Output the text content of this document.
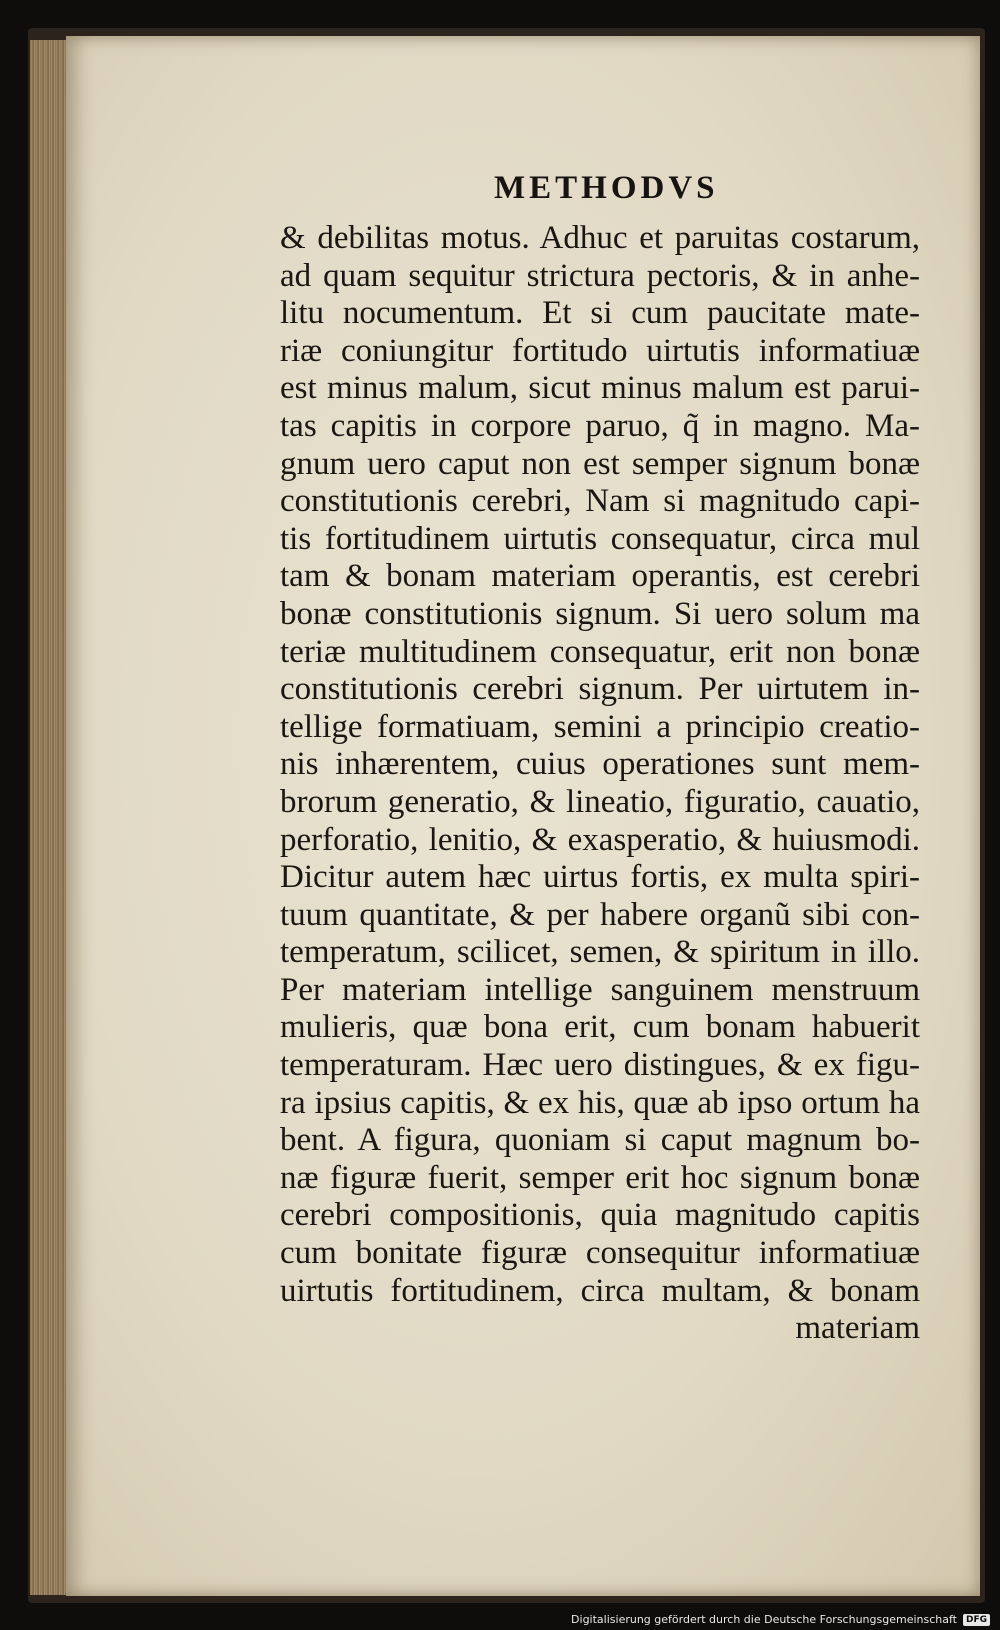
METHODVS
& debilitas motus. Adhuc et paruitas costarum,
ad quam sequitur strictura pectoris, & in anhe-
litu nocumentum. Et si cum paucitate mate-
riæ coniungitur fortitudo uirtutis informatiuæ
est minus malum, sicut minus malum est parui-
tas capitis in corpore paruo, q̃ in magno. Ma-
gnum uero caput non est semper signum bonæ
constitutionis cerebri, Nam si magnitudo capi-
tis fortitudinem uirtutis consequatur, circa mul
tam & bonam materiam operantis, est cerebri
bonæ constitutionis signum. Si uero solum ma
teriæ multitudinem consequatur, erit non bonæ
constitutionis cerebri signum. Per uirtutem in-
tellige formatiuam, semini a principio creatio-
nis inhærentem, cuius operationes sunt mem-
brorum generatio, & lineatio, figuratio, cauatio,
perforatio, lenitio, & exasperatio, & huiusmodi.
Dicitur autem hæc uirtus fortis, ex multa spiri-
tuum quantitate, & per habere organũ sibi con-
temperatum, scilicet, semen, & spiritum in illo.
Per materiam intellige sanguinem menstruum
mulieris, quæ bona erit, cum bonam habuerit
temperaturam. Hæc uero distingues, & ex figu-
ra ipsius capitis, & ex his, quæ ab ipso ortum ha
bent. A figura, quoniam si caput magnum bo-
næ figuræ fuerit, semper erit hoc signum bonæ
cerebri compositionis, quia magnitudo capitis
cum bonitate figuræ consequitur informatiuæ
uirtutis fortitudinem, circa multam, & bonam
materiam
Digitalisierung gefördert durch die Deutsche Forschungsgemeinschaft	DFG
